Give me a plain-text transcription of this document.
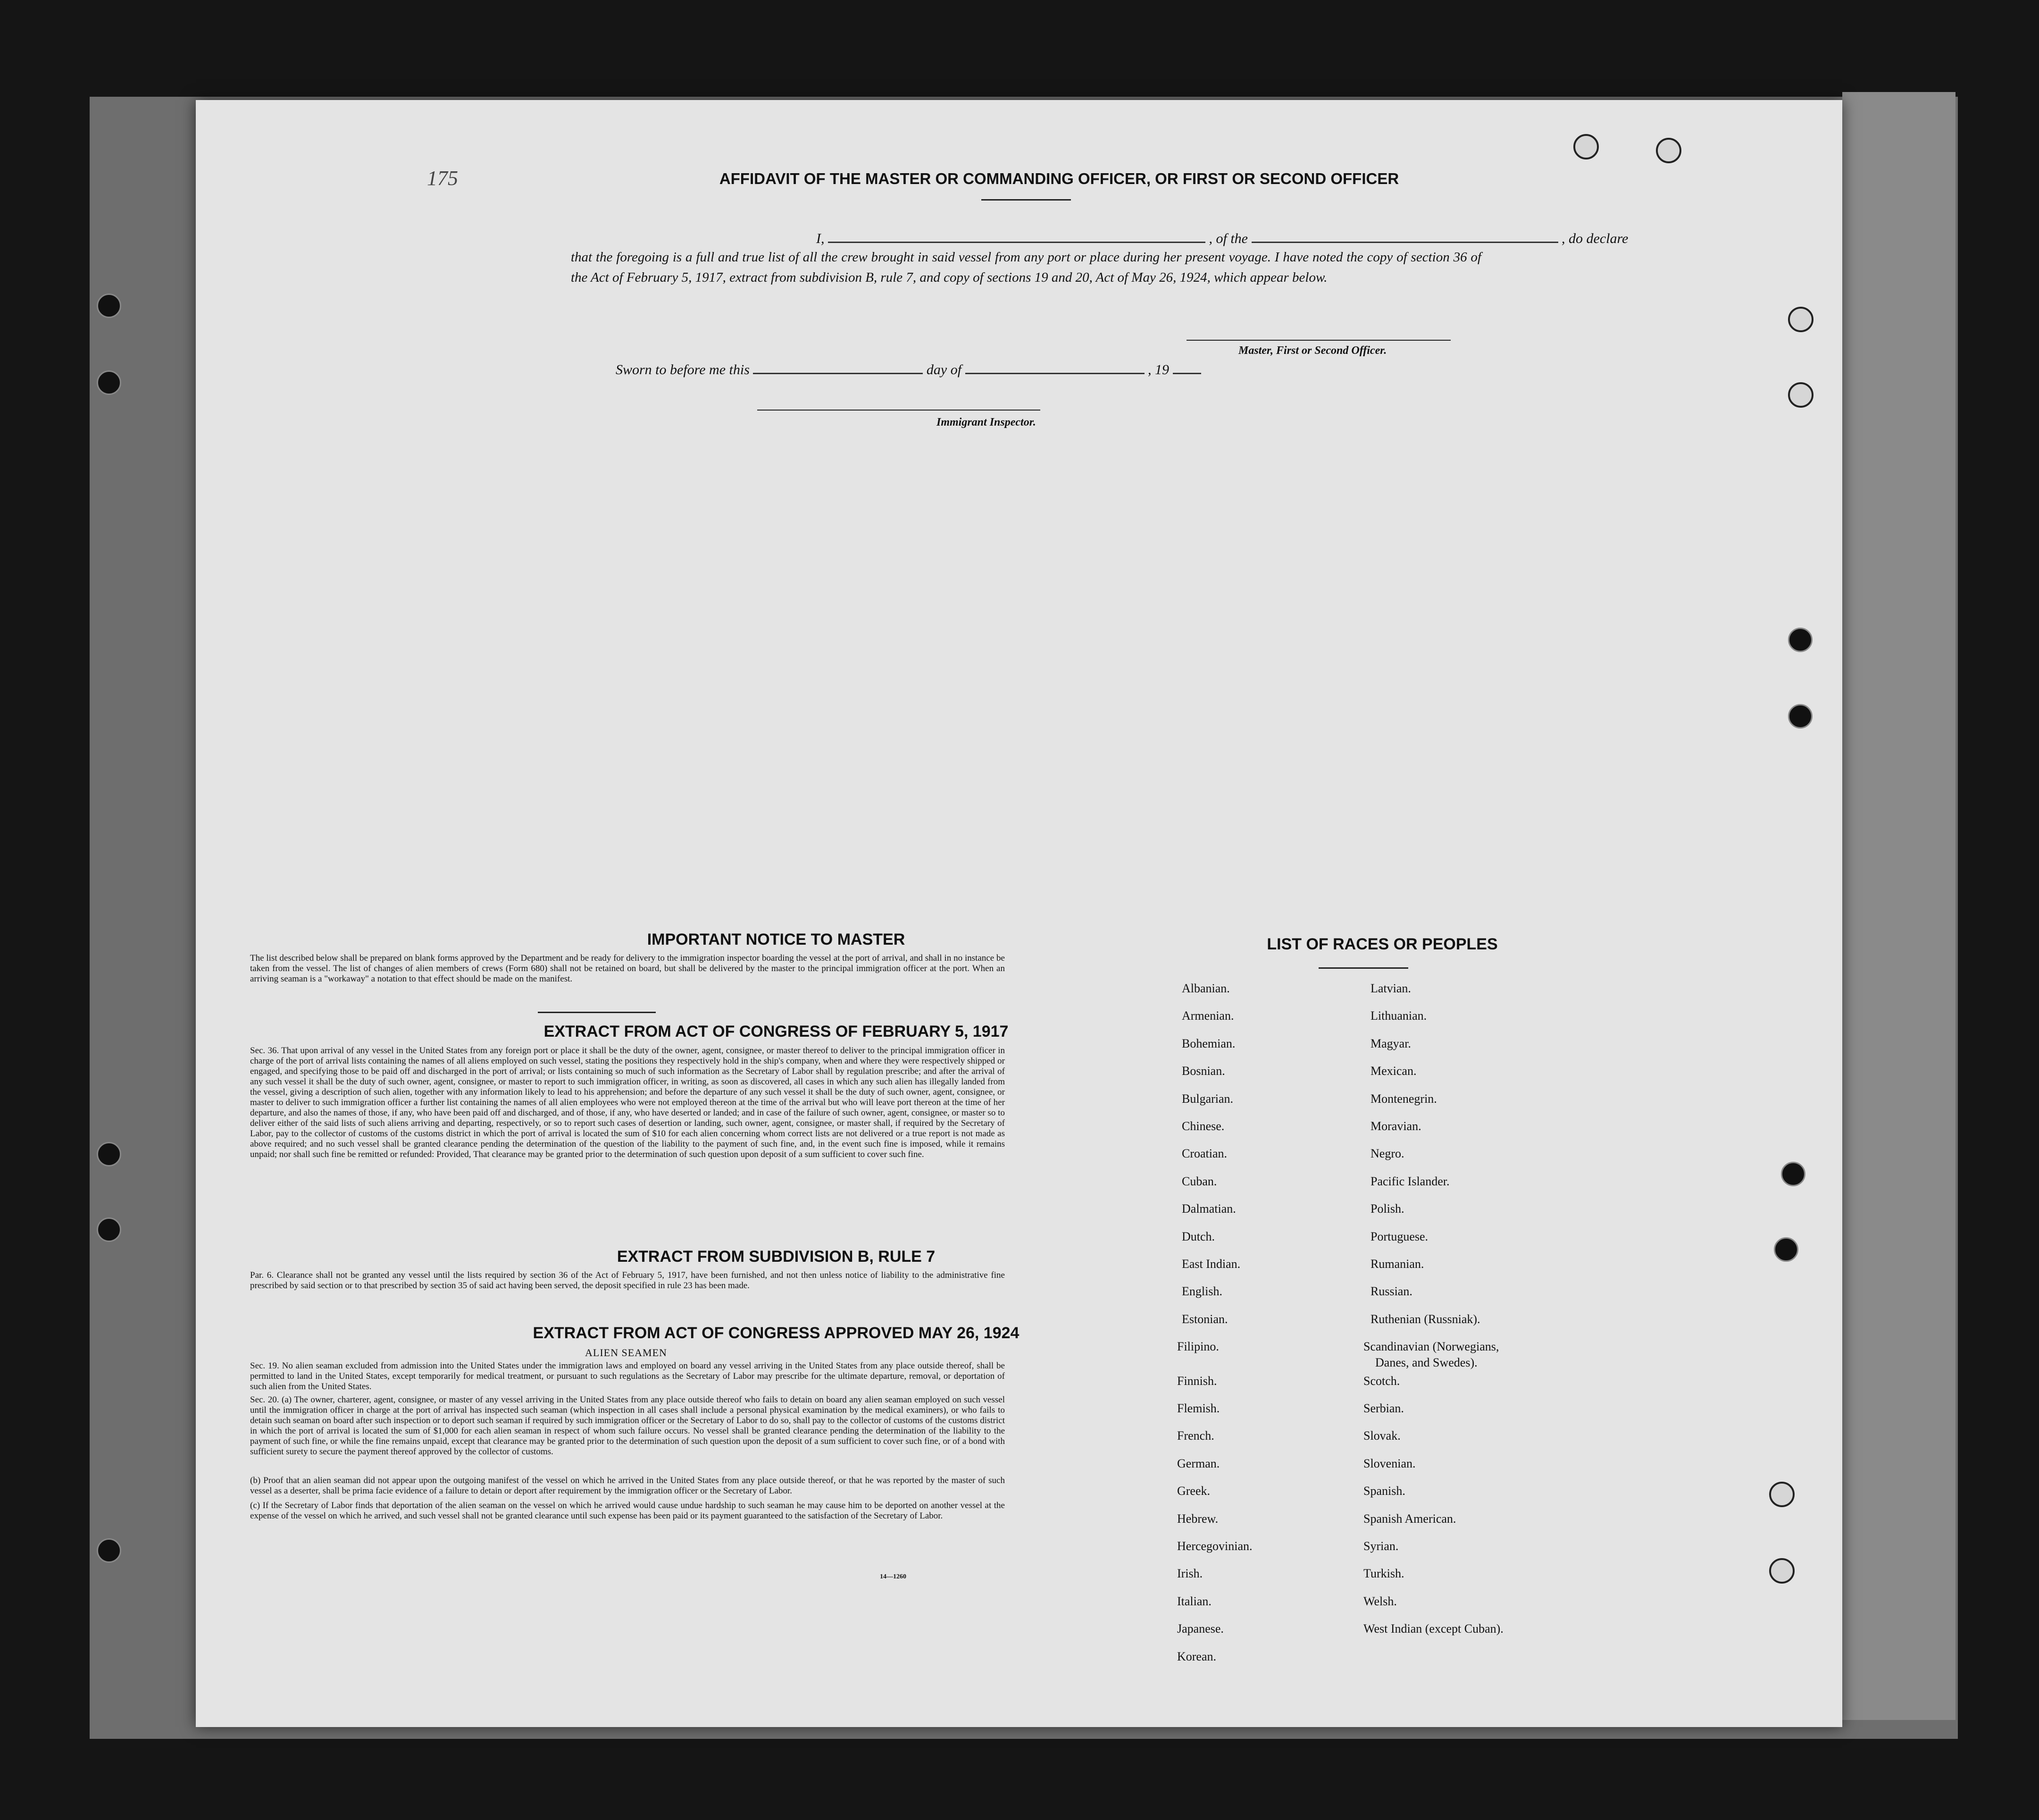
175	AFFIDAVIT OF THE MASTER OR COMMANDING OFFICER, OR FIRST OR SECOND OFFICER
I,	, of the	, do declare
that the foregoing is a full and true list of all the crew brought in said vessel from any port or place during her present voyage. I have noted the copy of section 36 of the Act of February 5, 1917, extract from subdivision B, rule 7, and copy of sections 19 and 20, Act of May 26, 1924, which appear below.
Master, First or Second Officer.
Sworn to before me this	day of	, 19
Immigrant Inspector.
IMPORTANT NOTICE TO MASTER
The list described below shall be prepared on blank forms approved by the Department and be ready for delivery to the immigration inspector boarding the vessel at the port of arrival, and shall in no instance be taken from the vessel. The list of changes of alien members of crews (Form 680) shall not be retained on board, but shall be delivered by the master to the principal immigration officer at the port. When an arriving seaman is a "workaway" a notation to that effect should be made on the manifest.
EXTRACT FROM ACT OF CONGRESS OF FEBRUARY 5, 1917
Sec. 36. That upon arrival of any vessel in the United States from any foreign port or place it shall be the duty of the owner, agent, consignee, or master thereof to deliver to the principal immigration officer in charge of the port of arrival lists containing the names of all aliens employed on such vessel, stating the positions they respectively hold in the ship's company, when and where they were respectively shipped or engaged, and specifying those to be paid off and discharged in the port of arrival; or lists containing so much of such information as the Secretary of Labor shall by regulation prescribe; and after the arrival of any such vessel it shall be the duty of such owner, agent, consignee, or master to report to such immigration officer, in writing, as soon as discovered, all cases in which any such alien has illegally landed from the vessel, giving a description of such alien, together with any information likely to lead to his apprehension; and before the departure of any such vessel it shall be the duty of such owner, agent, consignee, or master to deliver to such immigration officer a further list containing the names of all alien employees who were not employed thereon at the time of the arrival but who will leave port thereon at the time of her departure, and also the names of those, if any, who have been paid off and discharged, and of those, if any, who have deserted or landed; and in case of the failure of such owner, agent, consignee, or master so to deliver either of the said lists of such aliens arriving and departing, respectively, or so to report such cases of desertion or landing, such owner, agent, consignee, or master shall, if required by the Secretary of Labor, pay to the collector of customs of the customs district in which the port of arrival is located the sum of $10 for each alien concerning whom correct lists are not delivered or a true report is not made as above required; and no such vessel shall be granted clearance pending the determination of the question of the liability to the payment of such fine, and, in the event such fine is imposed, while it remains unpaid; nor shall such fine be remitted or refunded: Provided, That clearance may be granted prior to the determination of such question upon deposit of a sum sufficient to cover such fine.
EXTRACT FROM SUBDIVISION B, RULE 7
Par. 6. Clearance shall not be granted any vessel until the lists required by section 36 of the Act of February 5, 1917, have been furnished, and not then unless notice of liability to the administrative fine prescribed by said section or to that prescribed by section 35 of said act having been served, the deposit specified in rule 23 has been made.
EXTRACT FROM ACT OF CONGRESS APPROVED MAY 26, 1924
ALIEN SEAMEN
Sec. 19. No alien seaman excluded from admission into the United States under the immigration laws and employed on board any vessel arriving in the United States from any place outside thereof, shall be permitted to land in the United States, except temporarily for medical treatment, or pursuant to such regulations as the Secretary of Labor may prescribe for the ultimate departure, removal, or deportation of such alien from the United States.
Sec. 20. (a) The owner, charterer, agent, consignee, or master of any vessel arriving in the United States from any place outside thereof who fails to detain on board any alien seaman employed on such vessel until the immigration officer in charge at the port of arrival has inspected such seaman (which inspection in all cases shall include a personal physical examination by the medical examiners), or who fails to detain such seaman on board after such inspection or to deport such seaman if required by such immigration officer or the Secretary of Labor to do so, shall pay to the collector of customs of the customs district in which the port of arrival is located the sum of $1,000 for each alien seaman in respect of whom such failure occurs. No vessel shall be granted clearance pending the determination of the liability to the payment of such fine, or while the fine remains unpaid, except that clearance may be granted prior to the determination of such question upon the deposit of a sum sufficient to cover such fine, or of a bond with sufficient surety to secure the payment thereof approved by the collector of customs.
(b) Proof that an alien seaman did not appear upon the outgoing manifest of the vessel on which he arrived in the United States from any place outside thereof, or that he was reported by the master of such vessel as a deserter, shall be prima facie evidence of a failure to detain or deport after requirement by the immigration officer or the Secretary of Labor.
(c) If the Secretary of Labor finds that deportation of the alien seaman on the vessel on which he arrived would cause undue hardship to such seaman he may cause him to be deported on another vessel at the expense of the vessel on which he arrived, and such vessel shall not be granted clearance until such expense has been paid or its payment guaranteed to the satisfaction of the Secretary of Labor.
14—1260
LIST OF RACES OR PEOPLES
Albanian.
Armenian.
Bohemian.
Bosnian.
Bulgarian.
Chinese.
Croatian.
Cuban.
Dalmatian.
Dutch.
East Indian.
English.
Estonian.
Filipino.
Finnish.
Flemish.
French.
German.
Greek.
Hebrew.
Hercegovinian.
Irish.
Italian.
Japanese.
Korean.
Latvian.
Lithuanian.
Magyar.
Mexican.
Montenegrin.
Moravian.
Negro.
Pacific Islander.
Polish.
Portuguese.
Rumanian.
Russian.
Ruthenian (Russniak).
Scandinavian (Norwegians,
Danes, and Swedes).
Scotch.
Serbian.
Slovak.
Slovenian.
Spanish.
Spanish American.
Syrian.
Turkish.
Welsh.
West Indian (except Cuban).
